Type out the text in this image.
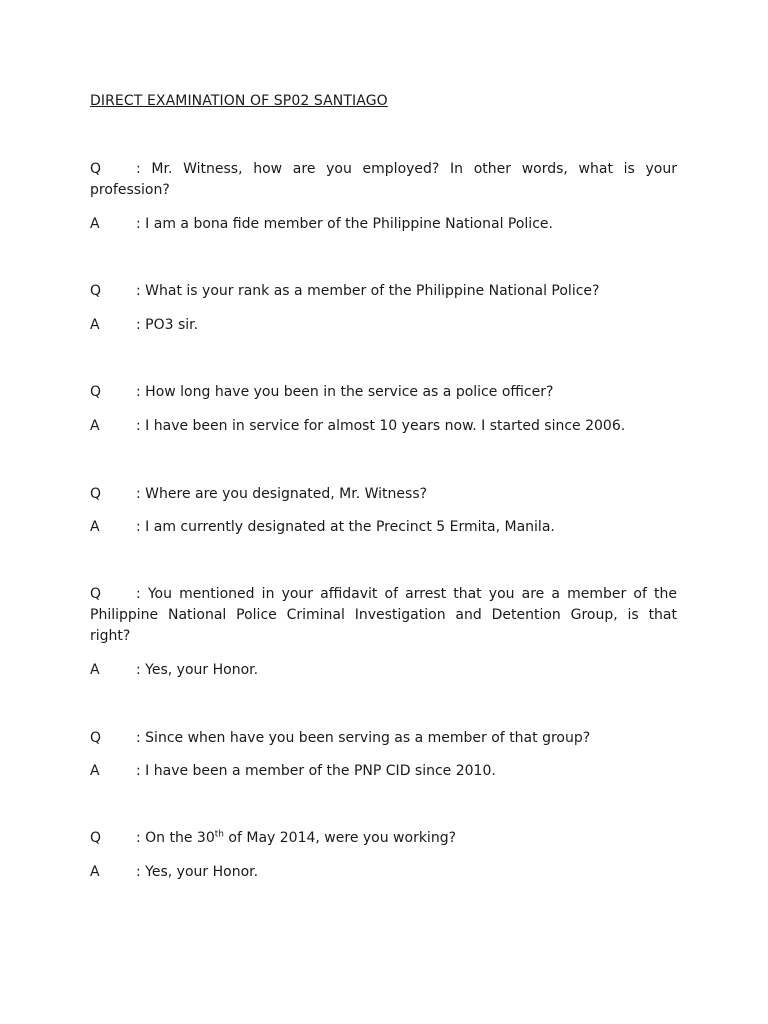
DIRECT EXAMINATION OF SP02 SANTIAGO
Q : Mr. Witness, how are you employed? In other words, what is your
profession?
A	: I am a bona fide member of the Philippine National Police.
Q : What is your rank as a member of the Philippine National Police?
A	: PO3 sir.
Q : How long have you been in the service as a police officer?
A	: I have been in service for almost 10 years now. I started since 2006.
Q : Where are you designated, Mr. Witness?
A	: I am currently designated at the Precinct 5 Ermita, Manila.
Q : You mentioned in your affidavit of arrest that you are a member of the
Philippine National Police Criminal Investigation and Detention Group, is that
right?
A	: Yes, your Honor.
Q : Since when have you been serving as a member of that group?
A	: I have been a member of the PNP CID since 2010.
Q : On the 30th of May 2014, were you working?
A	: Yes, your Honor.
